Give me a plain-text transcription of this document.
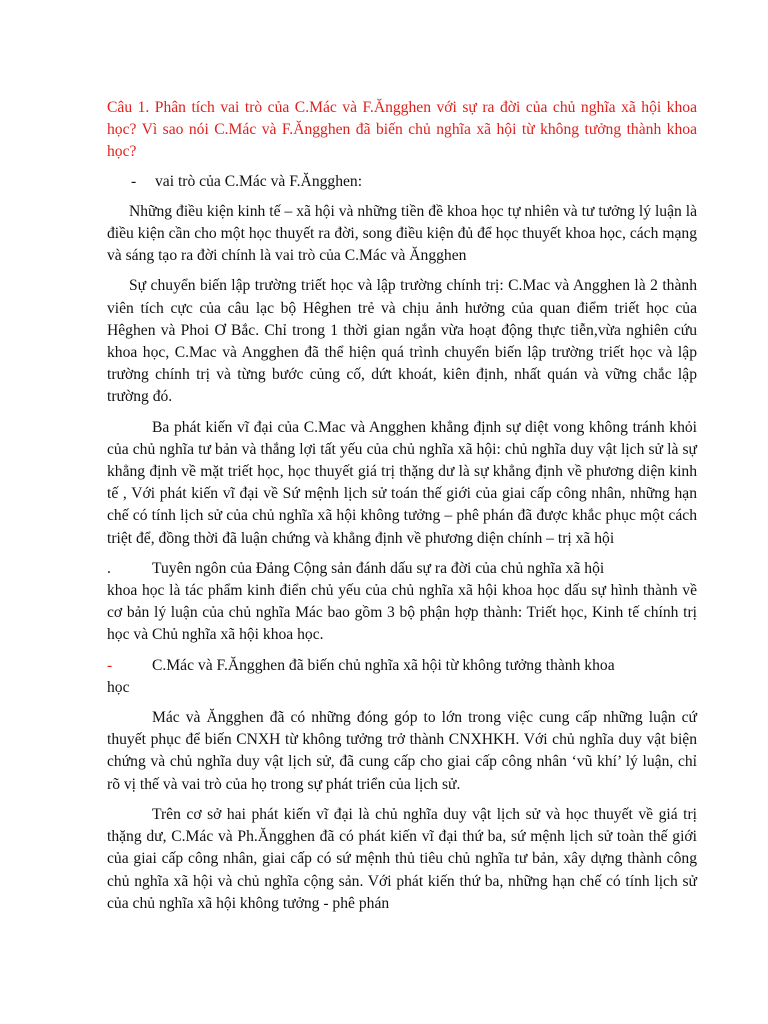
Câu 1. Phân tích vai trò của C.Mác và F.Ăngghen với sự ra đời của chủ nghĩa xã hội khoa học? Vì sao nói C.Mác và F.Ăngghen đã biến chủ nghĩa xã hội từ không tưởng thành khoa học?

-	vai trò của C.Mác và F.Ăngghen:

Những điều kiện kinh tế – xã hội và những tiền đề khoa học tự nhiên và tư tưởng lý luận là điều kiện cần cho một học thuyết ra đời, song điều kiện đủ để học thuyết khoa học, cách mạng và sáng tạo ra đời chính là vai trò của C.Mác và Ăngghen

Sự chuyển biến lập trường triết học và lập trường chính trị: C.Mac và Angghen là 2 thành viên tích cực của câu lạc bộ Hêghen trẻ và chịu ảnh hưởng của quan điểm triết học của Hêghen và Phoi Ơ Bắc. Chỉ trong 1 thời gian ngắn vừa hoạt động thực tiễn,vừa nghiên cứu khoa học, C.Mac và Angghen đã thể hiện quá trình chuyển biến lập trường triết học và lập trường chính trị và từng bước củng cố, dứt khoát, kiên định, nhất quán và vững chắc lập trường đó.

Ba phát kiến vĩ đại của C.Mac và Angghen khẳng định sự diệt vong không tránh khỏi của chủ nghĩa tư bản và thắng lợi tất yếu của chủ nghĩa xã hội: chủ nghĩa duy vật lịch sử là sự khẳng định về mặt triết học, học thuyết giá trị thặng dư là sự khẳng định về phương diện kinh tế , Với phát kiến vĩ đại về Sứ mệnh lịch sử toán thế giới của giai cấp công nhân, những hạn chế có tính lịch sử của chủ nghĩa xã hội không tưởng – phê phán đã được khắc phục một cách triệt để, đồng thời đã luận chứng và khẳng định về phương diện chính – trị xã hội

.	Tuyên ngôn của Đảng Cộng sản đánh dấu sự ra đời của chủ nghĩa xã hội

khoa học là tác phẩm kinh điển chủ yếu của chủ nghĩa xã hội khoa học dấu sự hình thành về cơ bản lý luận của chủ nghĩa Mác bao gồm 3 bộ phận hợp thành: Triết học, Kinh tế chính trị học và Chủ nghĩa xã hội khoa học.

-	C.Mác và F.Ăngghen đã biến chủ nghĩa xã hội từ không tưởng thành khoa

học

Mác và Ăngghen đã có những đóng góp to lớn trong việc cung cấp những luận cứ thuyết phục để biến CNXH từ không tưởng trở thành CNXHKH. Với chủ nghĩa duy vật biện chứng và chủ nghĩa duy vật lịch sử, đã cung cấp cho giai cấp công nhân ‘vũ khí’ lý luận, chỉ rõ vị thế và vai trò của họ trong sự phát triển của lịch sử.

Trên cơ sở hai phát kiến vĩ đại là chủ nghĩa duy vật lịch sử và học thuyết về giá trị thặng dư, C.Mác và Ph.Ăngghen đã có phát kiến vĩ đại thứ ba, sứ mệnh lịch sử toàn thế giới của giai cấp công nhân, giai cấp có sứ mệnh thủ tiêu chủ nghĩa tư bản, xây dựng thành công chủ nghĩa xã hội và chủ nghĩa cộng sản. Với phát kiến thứ ba, những hạn chế có tính lịch sử của chủ nghĩa xã hội không tưởng - phê phán
